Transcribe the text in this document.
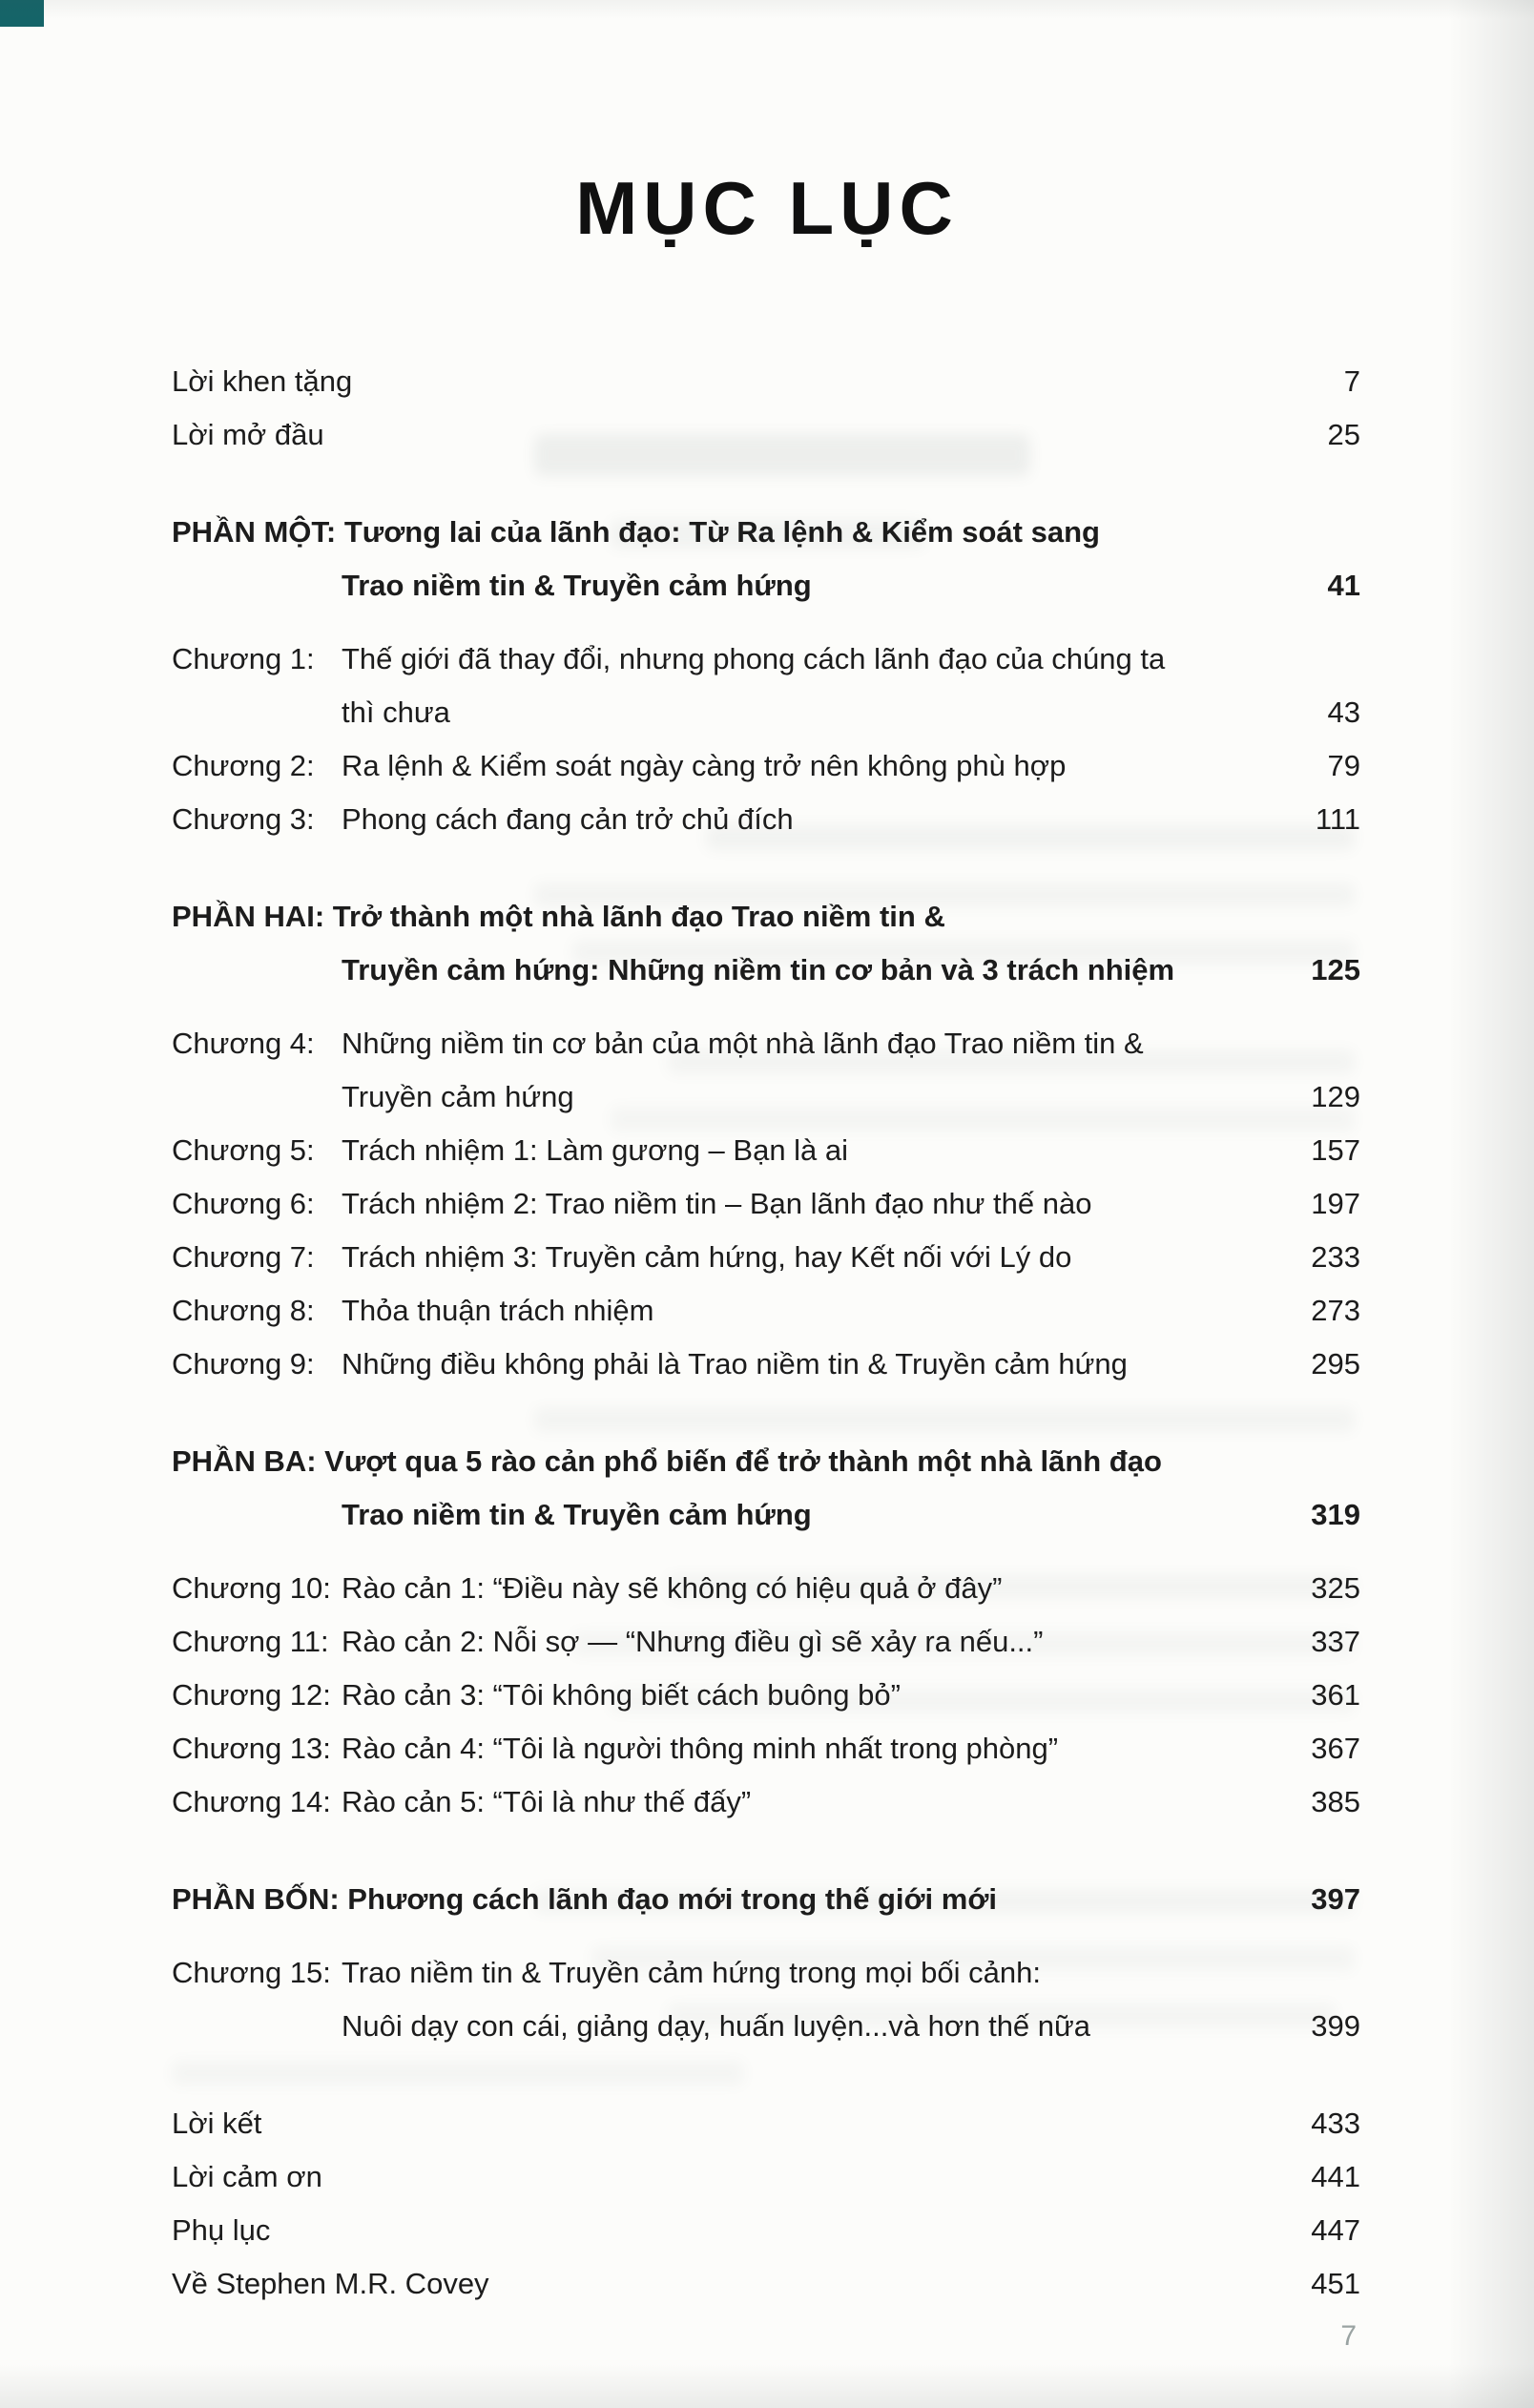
MỤC LỤC
Lời khen tặng	7
Lời mở đầu	25
PHẦN MỘT: Tương lai của lãnh đạo: Từ Ra lệnh & Kiểm soát sang
Trao niềm tin & Truyền cảm hứng	41
Chương 1: Thế giới đã thay đổi, nhưng phong cách lãnh đạo của chúng ta
thì chưa	43
Chương 2: Ra lệnh & Kiểm soát ngày càng trở nên không phù hợp	79
Chương 3: Phong cách đang cản trở chủ đích	111
PHẦN HAI: Trở thành một nhà lãnh đạo Trao niềm tin &
Truyền cảm hứng: Những niềm tin cơ bản và 3 trách nhiệm	125
Chương 4: Những niềm tin cơ bản của một nhà lãnh đạo Trao niềm tin &
Truyền cảm hứng	129
Chương 5: Trách nhiệm 1: Làm gương – Bạn là ai	157
Chương 6: Trách nhiệm 2: Trao niềm tin – Bạn lãnh đạo như thế nào	197
Chương 7: Trách nhiệm 3: Truyền cảm hứng, hay Kết nối với Lý do	233
Chương 8: Thỏa thuận trách nhiệm	273
Chương 9: Những điều không phải là Trao niềm tin & Truyền cảm hứng	295
PHẦN BA: Vượt qua 5 rào cản phổ biến để trở thành một nhà lãnh đạo
Trao niềm tin & Truyền cảm hứng	319
Chương 10: Rào cản 1: “Điều này sẽ không có hiệu quả ở đây”	325
Chương 11: Rào cản 2: Nỗi sợ — “Nhưng điều gì sẽ xảy ra nếu...”	337
Chương 12: Rào cản 3: “Tôi không biết cách buông bỏ”	361
Chương 13: Rào cản 4: “Tôi là người thông minh nhất trong phòng”	367
Chương 14: Rào cản 5: “Tôi là như thế đấy”	385
PHẦN BỐN: Phương cách lãnh đạo mới trong thế giới mới	397
Chương 15: Trao niềm tin & Truyền cảm hứng trong mọi bối cảnh:
Nuôi dạy con cái, giảng dạy, huấn luyện...và hơn thế nữa	399
Lời kết	433
Lời cảm ơn	441
Phụ lục	447
Về Stephen M.R. Covey	451
7
